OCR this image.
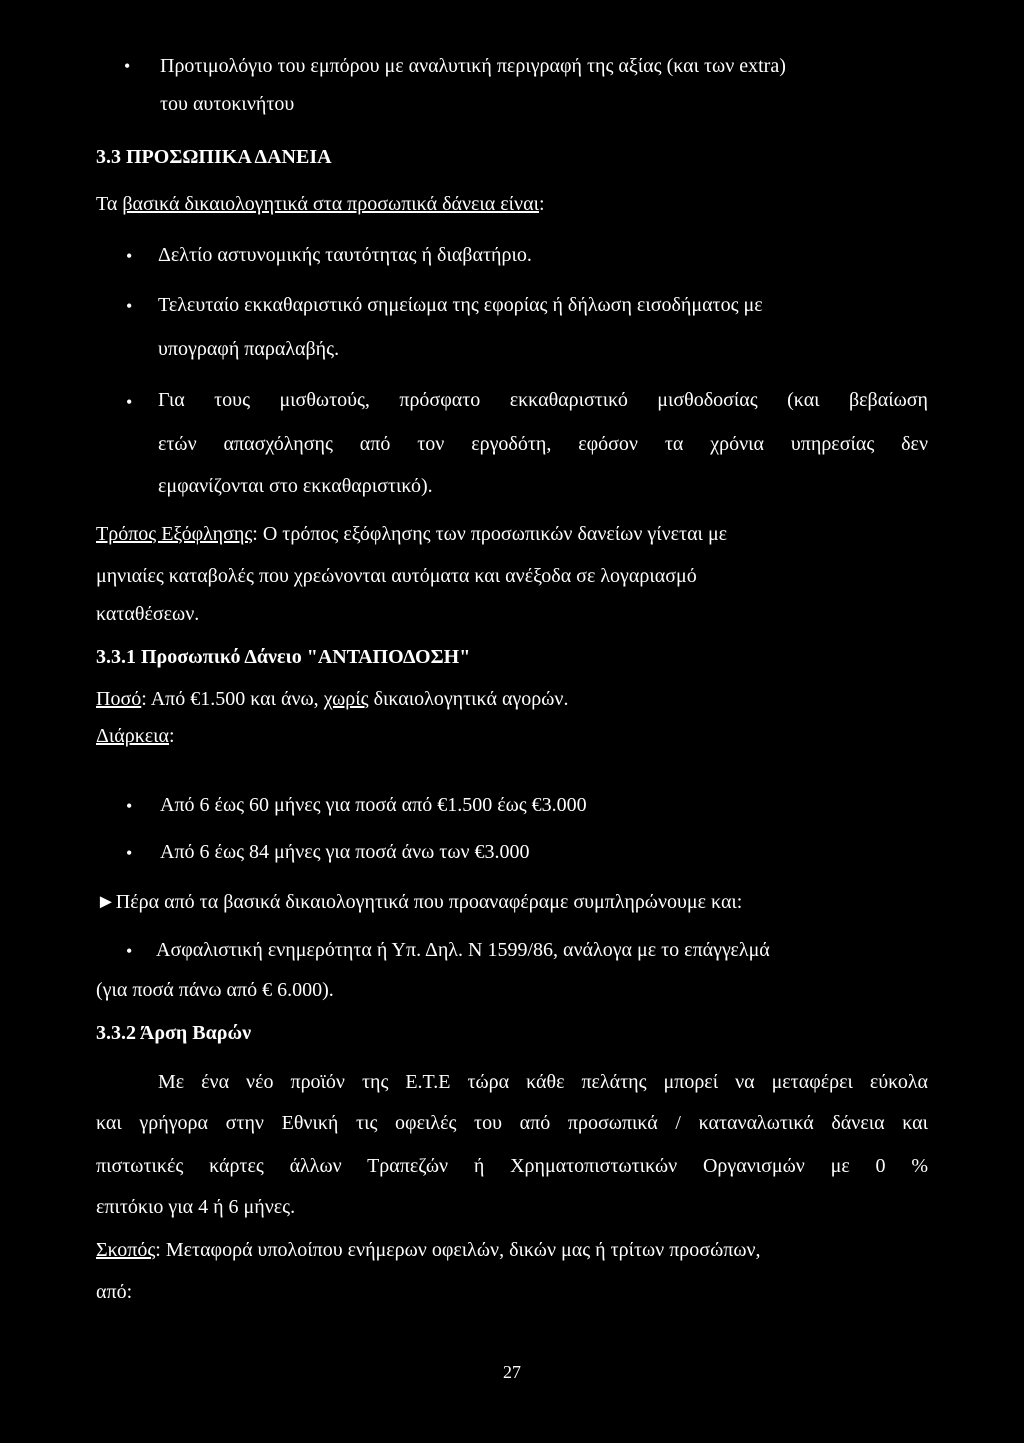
• Προτιμολόγιο του εμπόρου με αναλυτική περιγραφή της αξίας (και των extra)
του αυτοκινήτου
3.3 ΠΡΟΣΩΠΙΚΑ ΔΑΝΕΙΑ
Τα βασικά δικαιολογητικά στα προσωπικά δάνεια είναι:
• Δελτίο αστυνομικής ταυτότητας ή διαβατήριο.
• Τελευταίο εκκαθαριστικό σημείωμα της εφορίας ή δήλωση εισοδήματος με
υπογραφή παραλαβής.
• Για τους μισθωτούς, πρόσφατο εκκαθαριστικό μισθοδοσίας (και βεβαίωση
ετών απασχόλησης από τον εργοδότη, εφόσον τα χρόνια υπηρεσίας δεν
εμφανίζονται στο εκκαθαριστικό).
Τρόπος Εξόφλησης: Ο τρόπος εξόφλησης των προσωπικών δανείων γίνεται με
μηνιαίες καταβολές που χρεώνονται αυτόματα και ανέξοδα σε λογαριασμό
καταθέσεων.
3.3.1 Προσωπικό Δάνειο "ΑΝΤΑΠΟΔΟΣΗ"
Ποσό: Από €1.500 και άνω, χωρίς δικαιολογητικά αγορών.
Διάρκεια:
• Από 6 έως 60 μήνες για ποσά από €1.500 έως €3.000
• Από 6 έως 84 μήνες για ποσά άνω των €3.000
►Πέρα από τα βασικά δικαιολογητικά που προαναφέραμε συμπληρώνουμε και:
• Ασφαλιστική ενημερότητα ή Υπ. Δηλ. Ν 1599/86, ανάλογα με το επάγγελμά
(για ποσά πάνω από € 6.000).
3.3.2 Άρση Βαρών
Με ένα νέο προϊόν της Ε.Τ.Ε τώρα κάθε πελάτης μπορεί να μεταφέρει εύκολα
και γρήγορα στην Εθνική τις οφειλές του από προσωπικά / καταναλωτικά δάνεια και
πιστωτικές κάρτες άλλων Τραπεζών ή Χρηματοπιστωτικών Οργανισμών με 0 %
επιτόκιο για 4 ή 6 μήνες.
Σκοπός: Μεταφορά υπολοίπου ενήμερων οφειλών, δικών μας ή τρίτων προσώπων,
από:
27
